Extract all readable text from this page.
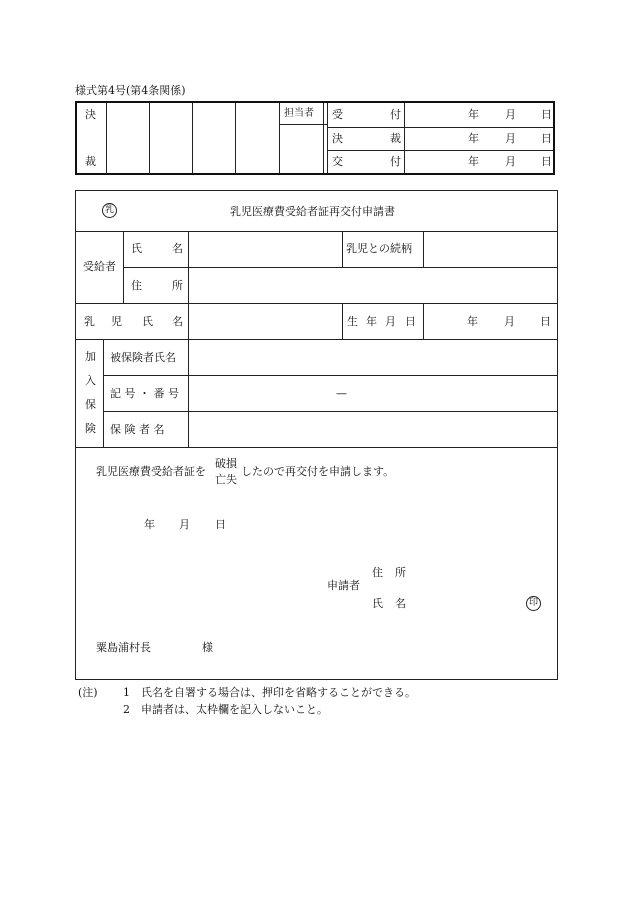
様式第4号(第4条関係)
決
裁
担当者 受	付	年 月 日
決	裁	年 月 日
交	付	年 月 日
乳	乳児医療費受給者証再交付申請書
受給者
氏	名	乳児との続柄
住	所
乳 児 氏 名	生 年 月 日	年 月 日
加
入
保
険
被保険者氏名
記 号 ・ 番 号	—
保 険 者 名
乳児医療費受給者証を
破損
亡失
したので再交付を申請します。
年 月 日
申請者
住 所
氏 名	印
粟島浦村長	様
(注) 1 氏名を自署する場合は、押印を省略することができる。
2 申請者は、太枠欄を記入しないこと。
